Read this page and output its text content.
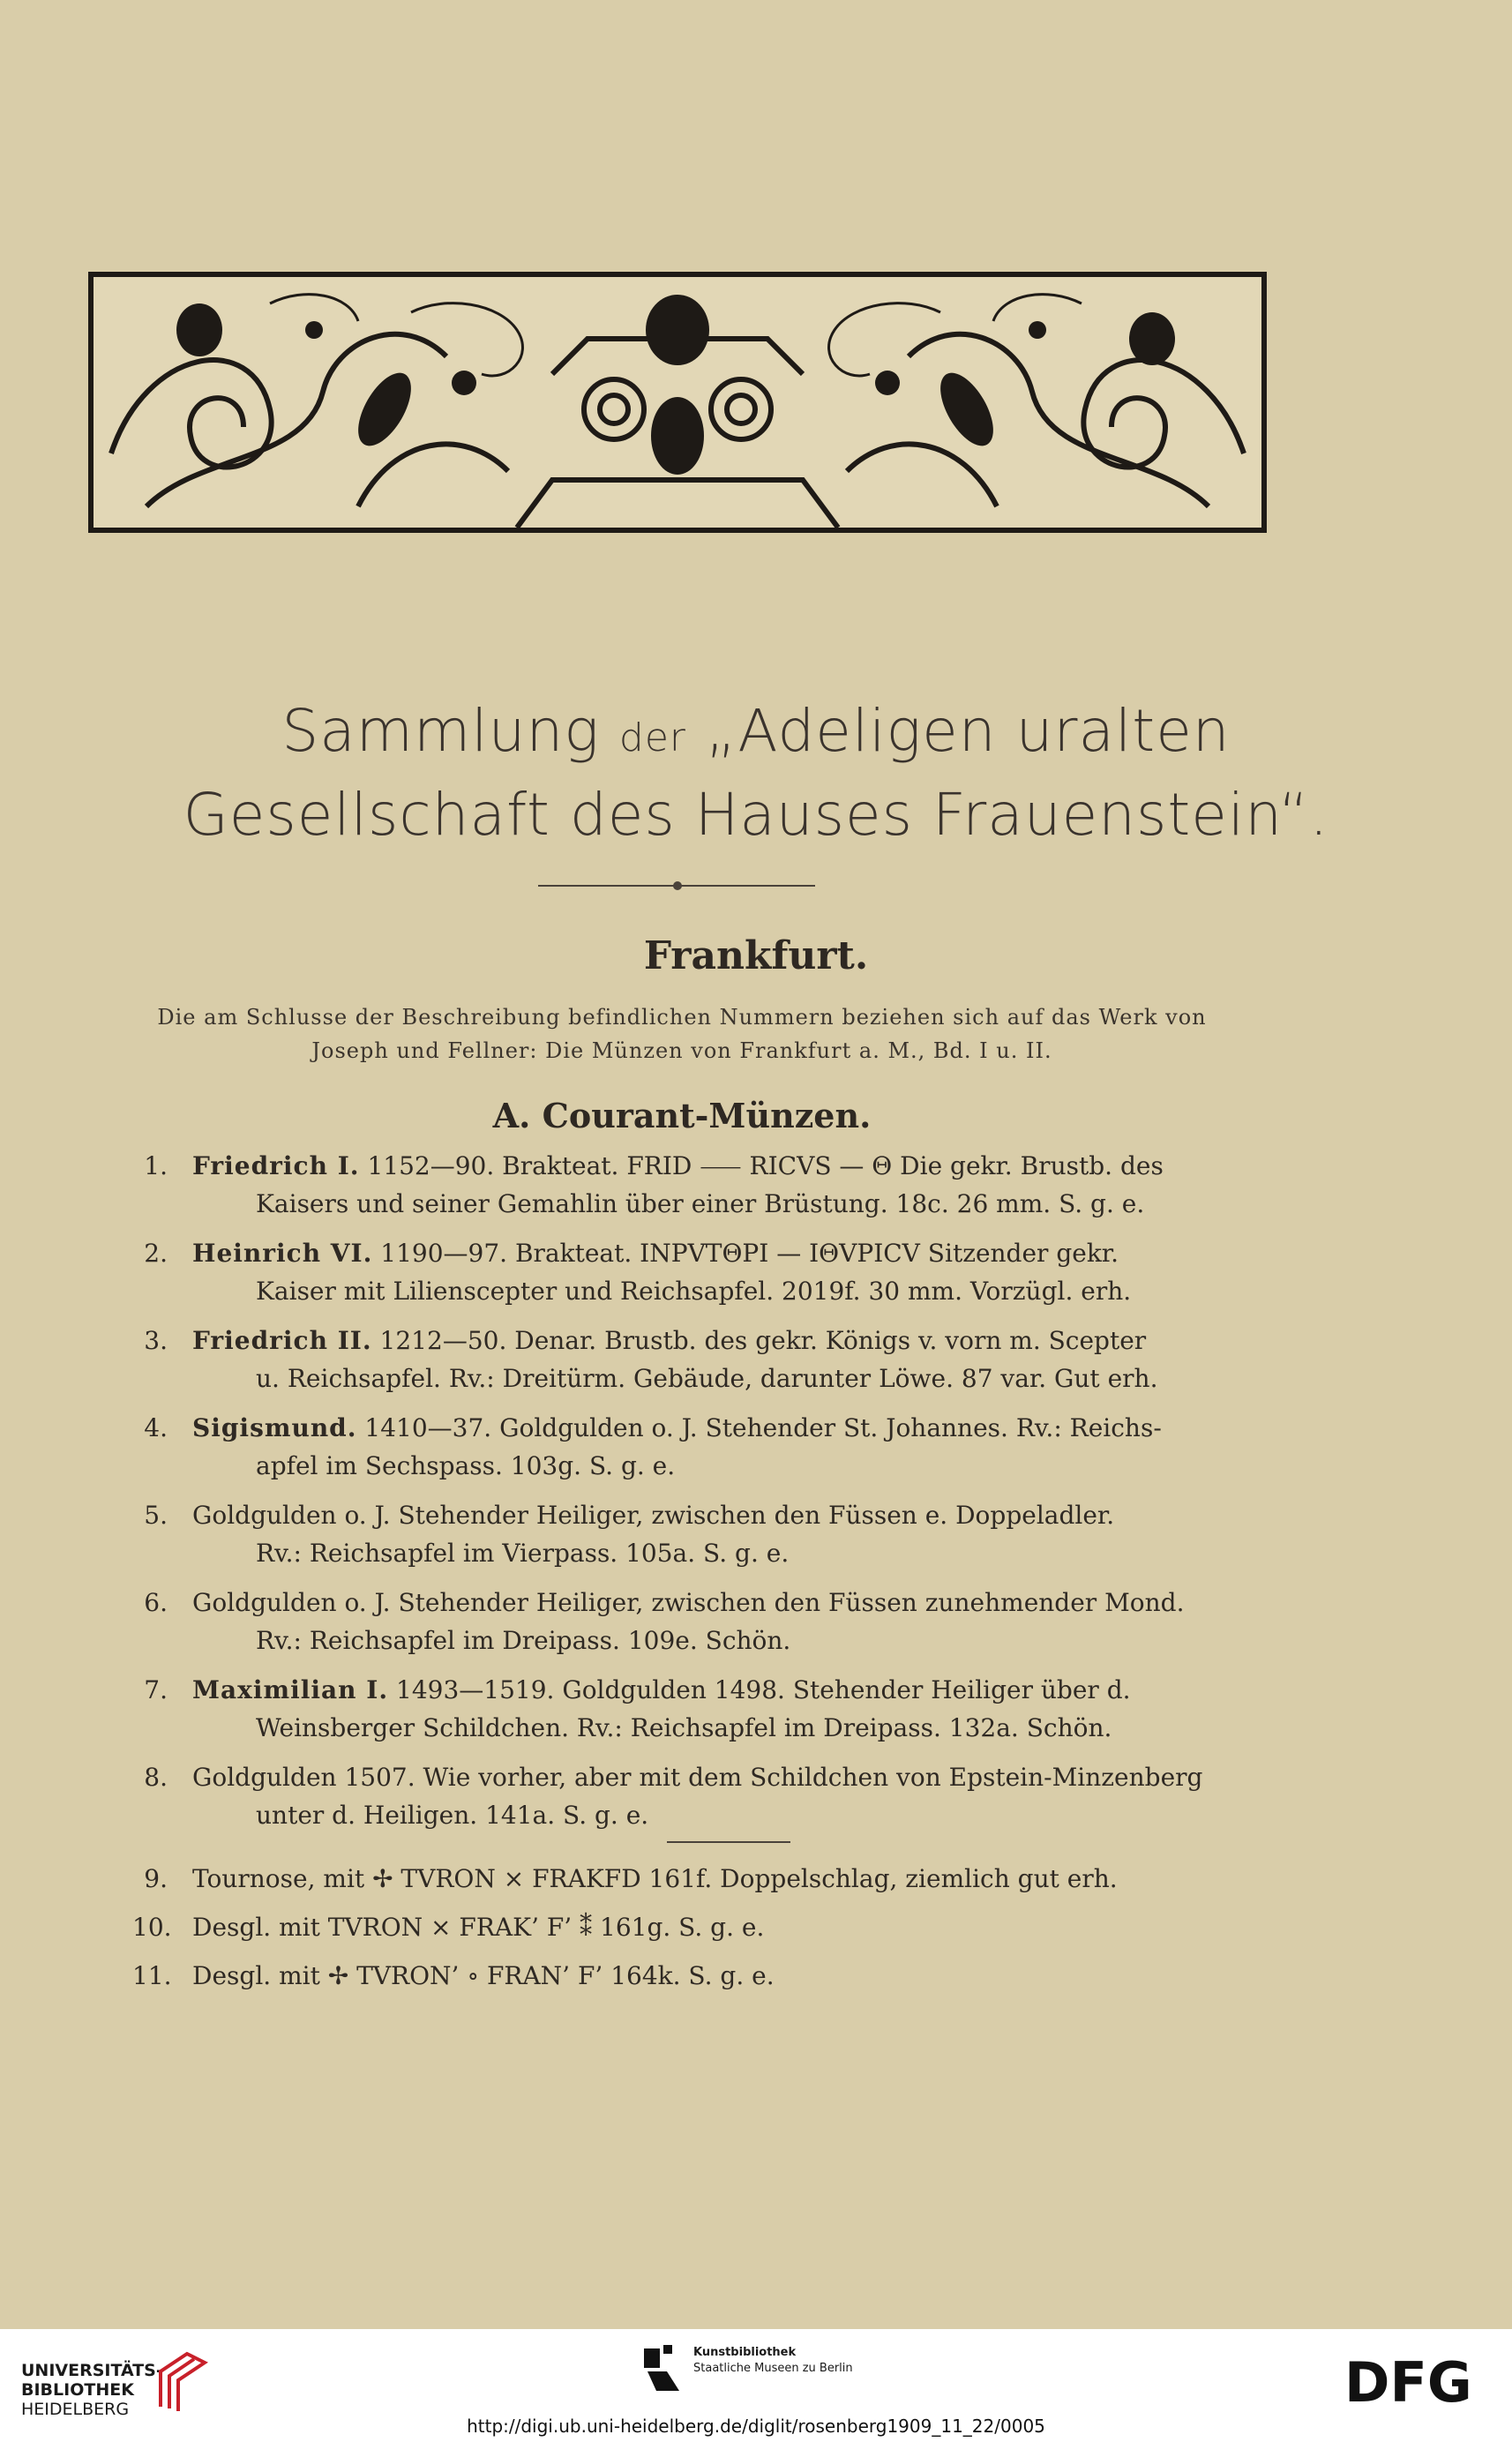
Sammlung der „Adeligen uralten
Gesellschaft des Hauses Frauenstein“.
Frankfurt.
Die am Schlusse der Beschreibung befindlichen Nummern beziehen sich auf das Werk von Joseph und Fellner: Die Münzen von Frankfurt a. M., Bd. I u. II.
A. Courant-Münzen.
1. Friedrich I. 1152—90. Brakteat. FRID ⸺ RIϹVS — Θ Die gekr. Brustb. des
Kaisers und seiner Gemahlin über einer Brüstung. 18c. 26 mm. S. g. e.
2. Heinrich VI. 1190—97. Brakteat. INPVTΘPI — IΘVPIϹV Sitzender gekr.
Kaiser mit Lilienscepter und Reichsapfel. 2019f. 30 mm. Vorzügl. erh.
3. Friedrich II. 1212—50. Denar. Brustb. des gekr. Königs v. vorn m. Scepter
u. Reichsapfel. Rv.: Dreitürm. Gebäude, darunter Löwe. 87 var. Gut erh.
4. Sigismund. 1410—37. Goldgulden o. J. Stehender St. Johannes. Rv.: Reichs-
apfel im Sechspass. 103g. S. g. e.
5. Goldgulden o. J. Stehender Heiliger, zwischen den Füssen e. Doppeladler.
Rv.: Reichsapfel im Vierpass. 105a. S. g. e.
6. Goldgulden o. J. Stehender Heiliger, zwischen den Füssen zunehmender Mond.
Rv.: Reichsapfel im Dreipass. 109e. Schön.
7. Maximilian I. 1493—1519. Goldgulden 1498. Stehender Heiliger über d.
Weinsberger Schildchen. Rv.: Reichsapfel im Dreipass. 132a. Schön.
8. Goldgulden 1507. Wie vorher, aber mit dem Schildchen von Epstein-Minzenberg
unter d. Heiligen. 141a. S. g. e.
9. Tournose, mit ✢ TVRON × FRAKFD 161f. Doppelschlag, ziemlich gut erh.
10. Desgl. mit TVRON × FRAK’ F’ ⁑ 161g. S. g. e.
11. Desgl. mit ✢ TVRON’ ∘ FRAN’ F’ 164k. S. g. e.
UNIVERSITÄTS-
BIBLIOTHEK
HEIDELBERG
Kunstbibliothek
Staatliche Museen zu Berlin	DFG
http://digi.ub.uni-heidelberg.de/diglit/rosenberg1909_11_22/0005
